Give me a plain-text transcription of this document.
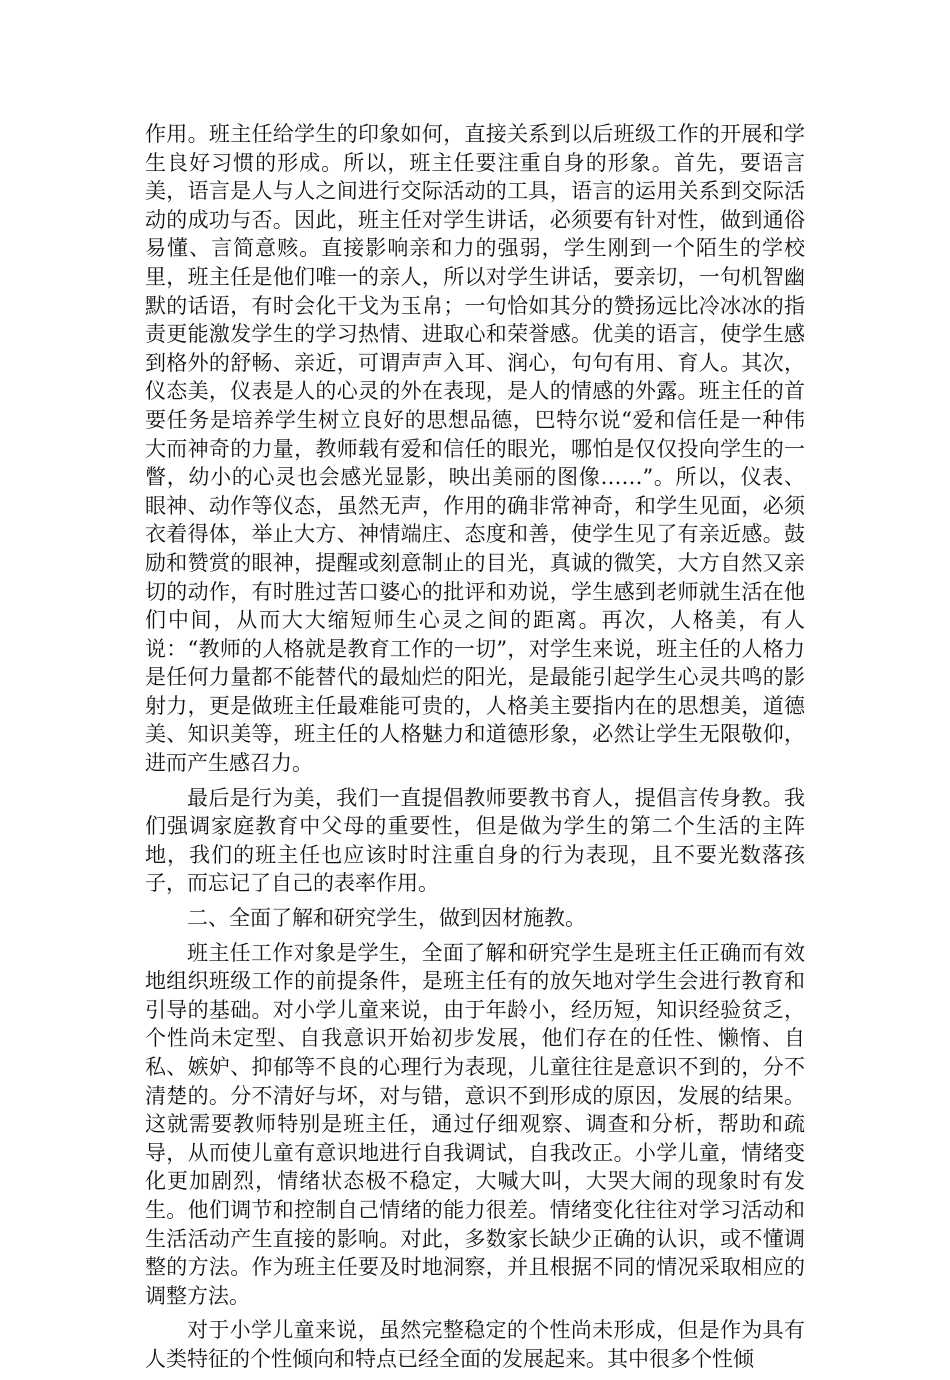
作用。班主任给学生的印象如何，直接关系到以后班级工作的开展和学生良好习惯的形成。所以，班主任要注重自身的形象。首先，要语言美，语言是人与人之间进行交际活动的工具，语言的运用关系到交际活动的成功与否。因此，班主任对学生讲话，必须要有针对性，做到通俗易懂、言简意赅。直接影响亲和力的强弱，学生刚到一个陌生的学校里，班主任是他们唯一的亲人，所以对学生讲话，要亲切，一句机智幽默的话语，有时会化干戈为玉帛；一句恰如其分的赞扬远比冷冰冰的指责更能激发学生的学习热情、进取心和荣誉感。优美的语言，使学生感到格外的舒畅、亲近，可谓声声入耳、润心，句句有用、育人。其次，仪态美，仪表是人的心灵的外在表现，是人的情感的外露。班主任的首要任务是培养学生树立良好的思想品德，巴特尔说“爱和信任是一种伟大而神奇的力量，教师载有爱和信任的眼光，哪怕是仅仅投向学生的一瞥，幼小的心灵也会感光显影，映出美丽的图像……”。所以，仪表、眼神、动作等仪态，虽然无声，作用的确非常神奇，和学生见面，必须衣着得体，举止大方、神情端庄、态度和善，使学生见了有亲近感。鼓励和赞赏的眼神，提醒或刻意制止的目光，真诚的微笑，大方自然又亲切的动作，有时胜过苦口婆心的批评和劝说，学生感到老师就生活在他们中间，从而大大缩短师生心灵之间的距离。再次，人格美，有人说：“教师的人格就是教育工作的一切”，对学生来说，班主任的人格力是任何力量都不能替代的最灿烂的阳光，是最能引起学生心灵共鸣的影射力，更是做班主任最难能可贵的，人格美主要指内在的思想美，道德美、知识美等，班主任的人格魅力和道德形象，必然让学生无限敬仰，进而产生感召力。

最后是行为美，我们一直提倡教师要教书育人，提倡言传身教。我们强调家庭教育中父母的重要性，但是做为学生的第二个生活的主阵地，我们的班主任也应该时时注重自身的行为表现，且不要光数落孩子，而忘记了自己的表率作用。

二、全面了解和研究学生，做到因材施教。

班主任工作对象是学生，全面了解和研究学生是班主任正确而有效地组织班级工作的前提条件，是班主任有的放矢地对学生会进行教育和引导的基础。对小学儿童来说，由于年龄小，经历短，知识经验贫乏，个性尚未定型、自我意识开始初步发展，他们存在的任性、懒惰、自私、嫉妒、抑郁等不良的心理行为表现，儿童往往是意识不到的，分不清楚的。分不清好与坏，对与错，意识不到形成的原因，发展的结果。这就需要教师特别是班主任，通过仔细观察、调查和分析，帮助和疏导，从而使儿童有意识地进行自我调试，自我改正。小学儿童，情绪变化更加剧烈，情绪状态极不稳定，大喊大叫，大哭大闹的现象时有发生。他们调节和控制自己情绪的能力很差。情绪变化往往对学习活动和生活活动产生直接的影响。对此，多数家长缺少正确的认识，或不懂调整的方法。作为班主任要及时地洞察，并且根据不同的情况采取相应的调整方法。

对于小学儿童来说，虽然完整稳定的个性尚未形成，但是作为具有人类特征的个性倾向和特点已经全面的发展起来。其中很多个性倾
